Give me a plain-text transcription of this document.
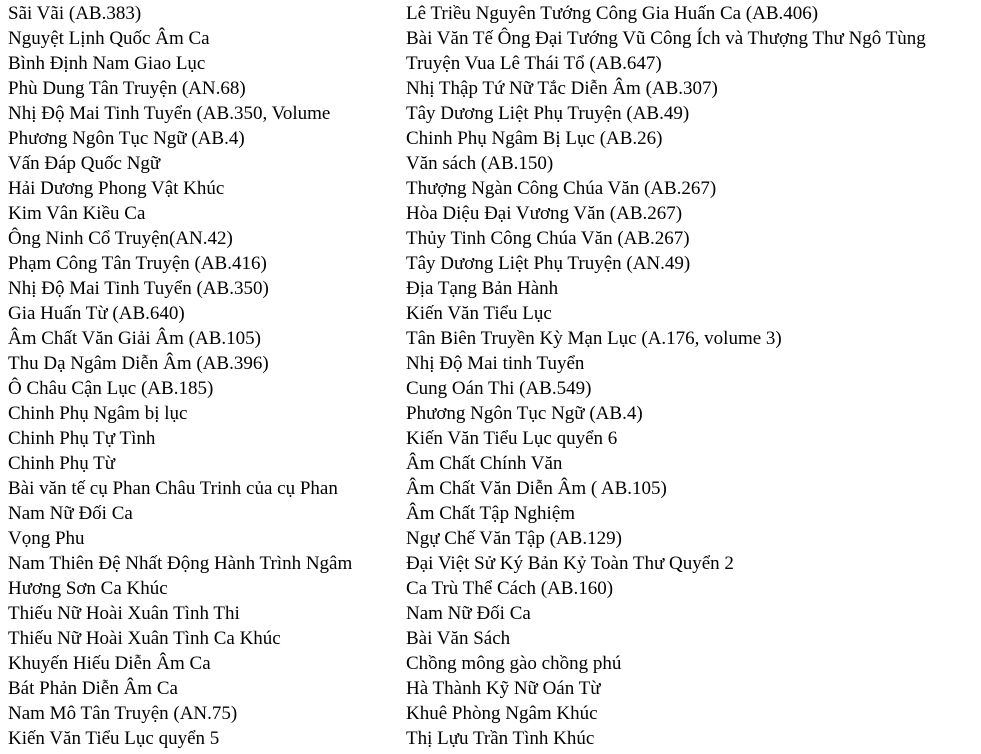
Sãi Vãi (AB.383)
Nguyệt Lịnh Quốc Âm Ca
Bình Định Nam Giao Lục
Phù Dung Tân Truyện (AN.68)
Nhị Độ Mai Tinh Tuyển (AB.350, Volume
Phương Ngôn Tục Ngữ (AB.4)
Vấn Đáp Quốc Ngữ
Hải Dương Phong Vật Khúc
Kim Vân Kiều Ca
Ông Ninh Cổ Truyện(AN.42)
Phạm Công Tân Truyện (AB.416)
Nhị Độ Mai Tinh Tuyển (AB.350)
Gia Huấn Từ (AB.640)
Âm Chất Văn Giải Âm (AB.105)
Thu Dạ Ngâm Diễn Âm (AB.396)
Ô Châu Cận Lục (AB.185)
Chinh Phụ Ngâm bị lục
Chinh Phụ Tự Tình
Chinh Phụ Từ
Bài văn tế cụ Phan Châu Trinh của cụ Phan
Nam Nữ Đối Ca
Vọng Phu
Nam Thiên Đệ Nhất Động Hành Trình Ngâm
Hương Sơn Ca Khúc
Thiếu Nữ Hoài Xuân Tình Thi
Thiếu Nữ Hoài Xuân Tình Ca Khúc
Khuyến Hiếu Diễn Âm Ca
Bát Phản Diễn Âm Ca
Nam Mô Tân Truyện (AN.75)
Kiến Văn Tiểu Lục quyển 5
Lê Triều Nguyên Tướng Công Gia Huấn Ca (AB.406)
Bài Văn Tế Ông Đại Tướng Vũ Công Ích và Thượng Thư Ngô Tùng
Truyện Vua Lê Thái Tổ (AB.647)
Nhị Thập Tứ Nữ Tắc Diễn Âm (AB.307)
Tây Dương Liệt Phụ Truyện (AB.49)
Chinh Phụ Ngâm Bị Lục (AB.26)
Văn sách (AB.150)
Thượng Ngàn Công Chúa Văn (AB.267)
Hòa Diệu Đại Vương Văn (AB.267)
Thủy Tinh Công Chúa Văn (AB.267)
Tây Dương Liệt Phụ Truyện (AN.49)
Địa Tạng Bản Hành
Kiến Văn Tiểu Lục
Tân Biên Truyền Kỳ Mạn Lục (A.176, volume 3)
Nhị Độ Mai tinh Tuyển
Cung Oán Thi (AB.549)
Phương Ngôn Tục Ngữ (AB.4)
Kiến Văn Tiểu Lục quyển 6
Âm Chất Chính Văn
Âm Chất Văn Diễn Âm ( AB.105)
Âm Chất Tập Nghiệm
Ngự Chế Văn Tập (AB.129)
Đại Việt Sử Ký Bản Kỷ Toàn Thư Quyển 2
Ca Trù Thể Cách (AB.160)
Nam Nữ Đối Ca
Bài Văn Sách
Chồng mông gào chồng phú
Hà Thành Kỹ Nữ Oán Từ
Khuê Phòng Ngâm Khúc
Thị Lựu Trần Tình Khúc
